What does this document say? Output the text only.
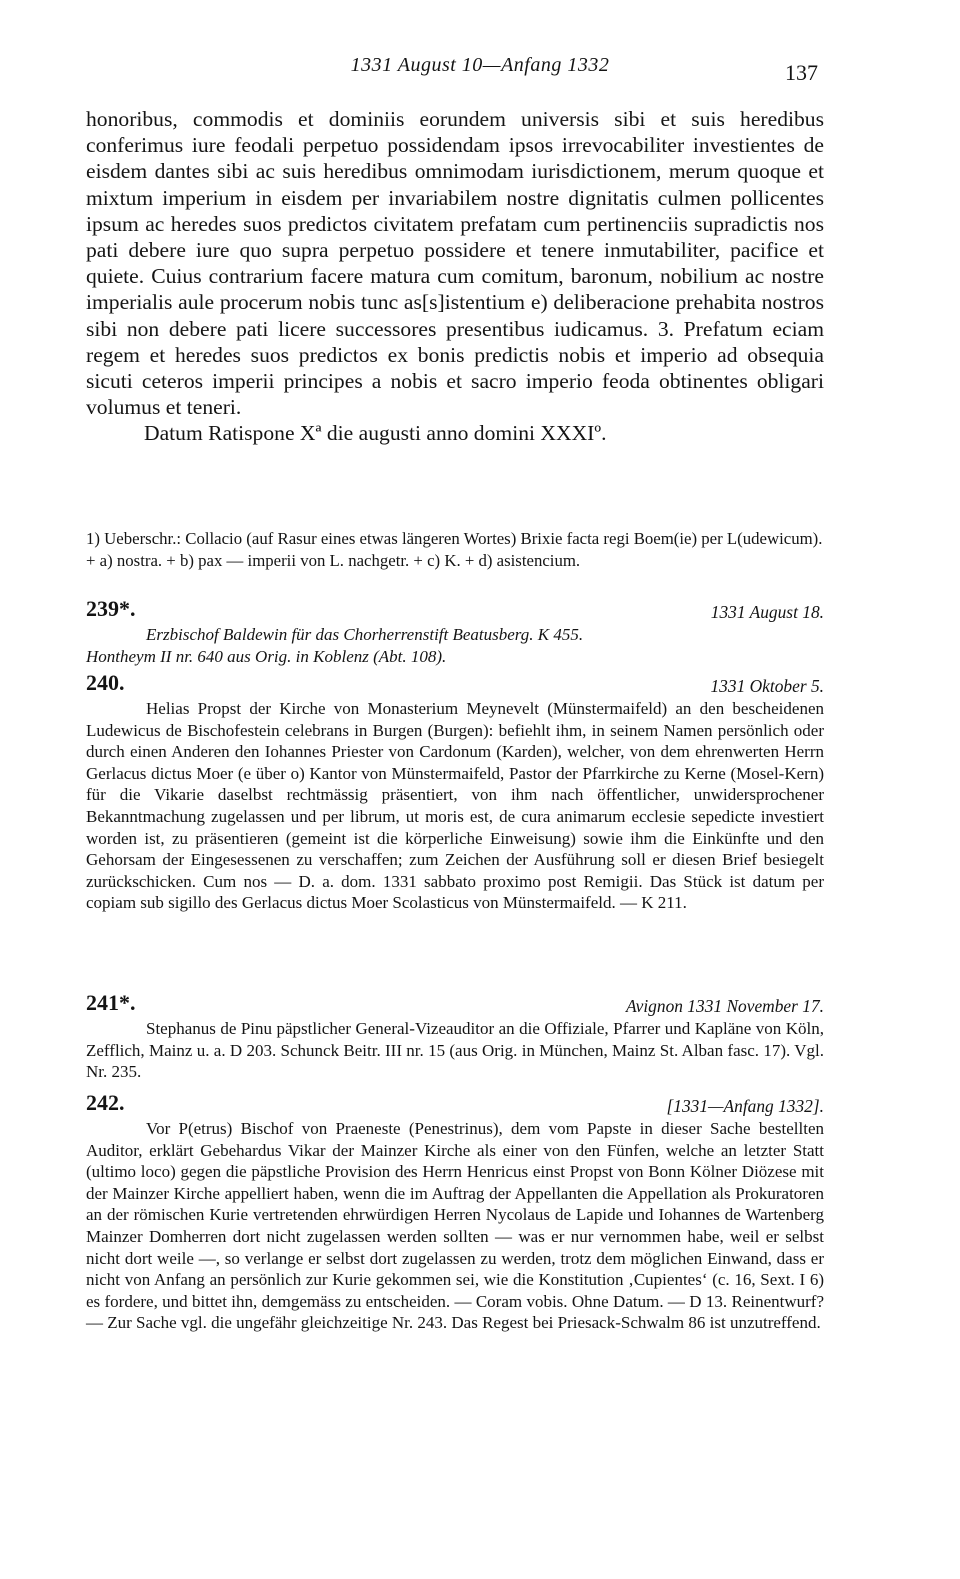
1331 August 10—Anfang 1332	137

honoribus, commodis et dominiis eorundem universis sibi et suis heredibus conferimus iure feodali perpetuo possidendam ipsos irrevocabiliter investientes de eisdem dantes sibi ac suis heredibus omnimodam iurisdictionem, merum quoque et mixtum imperium in eisdem per invariabilem nostre dignitatis culmen pollicentes ipsum ac heredes suos predictos civitatem prefatam cum pertinenciis supradictis nos pati debere iure quo supra perpetuo possidere et tenere inmutabiliter, pacifice et quiete. Cuius contrarium facere matura cum comitum, baronum, nobilium ac nostre imperialis aule procerum nobis tunc as[s]istentium e) deliberacione prehabita nostros sibi non debere pati licere successores presentibus iudicamus. 3. Prefatum eciam regem et heredes suos predictos ex bonis predictis nobis et imperio ad obsequia sicuti ceteros imperii principes a nobis et sacro imperio feoda obtinentes obligari volumus et teneri.

Datum Ratispone Xª die augusti anno domini XXXIº.

1) Ueberschr.: Collacio (auf Rasur eines etwas längeren Wortes) Brixie facta regi Boem(ie) per L(udewicum). + a) nostra. + b) pax — imperii von L. nachgetr. + c) K. + d) asistencium.

239*.	1331 August 18.

Erzbischof Baldewin für das Chorherrenstift Beatusberg. K 455.

Hontheym II nr. 640 aus Orig. in Koblenz (Abt. 108).

240.	1331 Oktober 5.

Helias Propst der Kirche von Monasterium Meynevelt (Münstermaifeld) an den bescheidenen Ludewicus de Bischofestein celebrans in Burgen (Burgen): befiehlt ihm, in seinem Namen persönlich oder durch einen Anderen den Iohannes Priester von Cardonum (Karden), welcher, von dem ehrenwerten Herrn Gerlacus dictus Moer (e über o) Kantor von Münstermaifeld, Pastor der Pfarrkirche zu Kerne (Mosel-Kern) für die Vikarie daselbst rechtmässig präsentiert, von ihm nach öffentlicher, unwidersprochener Bekanntmachung zugelassen und per librum, ut moris est, de cura animarum ecclesie sepedicte investiert worden ist, zu präsentieren (gemeint ist die körperliche Einweisung) sowie ihm die Einkünfte und den Gehorsam der Eingesessenen zu verschaffen; zum Zeichen der Ausführung soll er diesen Brief besiegelt zurückschicken. Cum nos — D. a. dom. 1331 sabbato proximo post Remigii. Das Stück ist datum per copiam sub sigillo des Gerlacus dictus Moer Scolasticus von Münstermaifeld. — K 211.

241*.	Avignon 1331 November 17.

Stephanus de Pinu päpstlicher General-Vizeauditor an die Offiziale, Pfarrer und Kapläne von Köln, Zefflich, Mainz u. a. D 203. Schunck Beitr. III nr. 15 (aus Orig. in München, Mainz St. Alban fasc. 17). Vgl. Nr. 235.

242.	[1331—Anfang 1332].

Vor P(etrus) Bischof von Praeneste (Penestrinus), dem vom Papste in dieser Sache bestellten Auditor, erklärt Gebehardus Vikar der Mainzer Kirche als einer von den Fünfen, welche an letzter Statt (ultimo loco) gegen die päpstliche Provision des Herrn Henricus einst Propst von Bonn Kölner Diözese mit der Mainzer Kirche appelliert haben, wenn die im Auftrag der Appellanten die Appellation als Prokuratoren an der römischen Kurie vertretenden ehrwürdigen Herren Nycolaus de Lapide und Iohannes de Wartenberg Mainzer Domherren dort nicht zugelassen werden sollten — was er nur vernommen habe, weil er selbst nicht dort weile —, so verlange er selbst dort zugelassen zu werden, trotz dem möglichen Einwand, dass er nicht von Anfang an persönlich zur Kurie gekommen sei, wie die Konstitution ‚Cupientes‘ (c. 16, Sext. I 6) es fordere, und bittet ihn, demgemäss zu entscheiden. — Coram vobis. Ohne Datum. — D 13. Reinentwurf? — Zur Sache vgl. die ungefähr gleichzeitige Nr. 243. Das Regest bei Priesack-Schwalm 86 ist unzutreffend.
